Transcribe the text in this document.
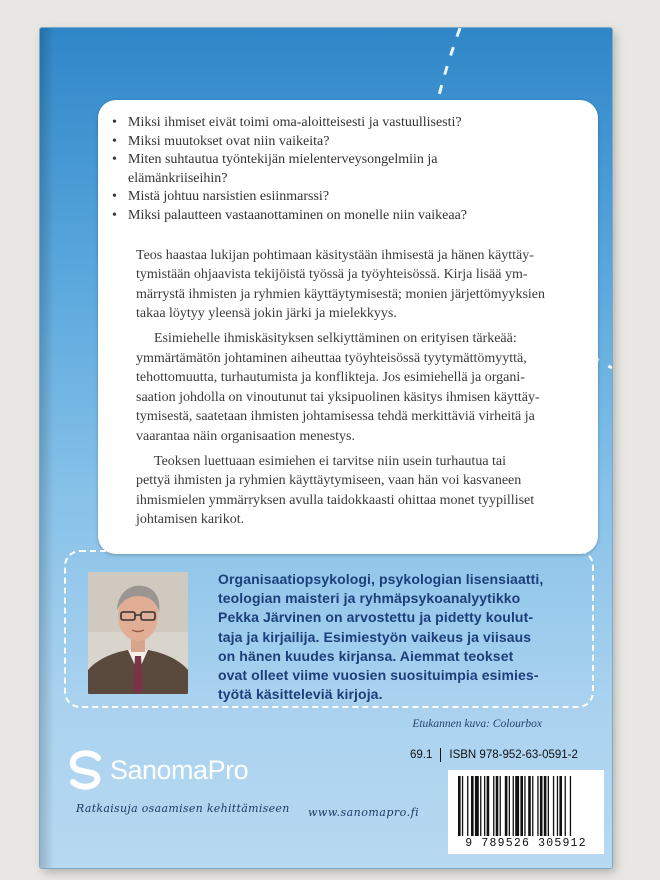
• Miksi ihmiset eivät toimi oma-aloitteisesti ja vastuullisesti?
• Miksi muutokset ovat niin vaikeita?
• Miten suhtautua työntekijän mielenterveysongelmiin ja
elämänkriiseihin?
• Mistä johtuu narsistien esiinmarssi?
• Miksi palautteen vastaanottaminen on monelle niin vaikeaa?

Teos haastaa lukijan pohtimaan käsitystään ihmisestä ja hänen käyttäy-
tymistään ohjaavista tekijöistä työssä ja työyhteisössä. Kirja lisää ym-
märrystä ihmisten ja ryhmien käyttäytymisestä; monien järjettömyyksien
takaa löytyy yleensä jokin järki ja mielekkyys.

Esimiehelle ihmiskäsityksen selkiyttäminen on erityisen tärkeää:
ymmärtämätön johtaminen aiheuttaa työyhteisössä tyytymättömyyttä,
tehottomuutta, turhautumista ja konflikteja. Jos esimiehellä ja organi-
saation johdolla on vinoutunut tai yksipuolinen käsitys ihmisen käyttäy-
tymisestä, saatetaan ihmisten johtamisessa tehdä merkittäviä virheitä ja
vaarantaa näin organisaation menestys.

Teoksen luettuaan esimiehen ei tarvitse niin usein turhautua tai
pettyä ihmisten ja ryhmien käyttäytymiseen, vaan hän voi kasvaneen
ihmismielen ymmärryksen avulla taidokkaasti ohittaa monet tyypilliset
johtamisen karikot.

Organisaatiopsykologi, psykologian lisensiaatti,
teologian maisteri ja ryhmäpsykoanalyytikko
Pekka Järvinen on arvostettu ja pidetty koulut-
taja ja kirjailija. Esimiestyön vaikeus ja viisaus
on hänen kuudes kirjansa. Aiemmat teokset
ovat olleet viime vuosien suosituimpia esimies-
työtä käsitteleviä kirjoja.
Etukannen kuva: Colourbox
SanomaPro
Ratkaisuja osaamisen kehittämiseen www.sanomapro.fi
69.1 ISBN 978-952-63-0591-2
9 789526 305912
